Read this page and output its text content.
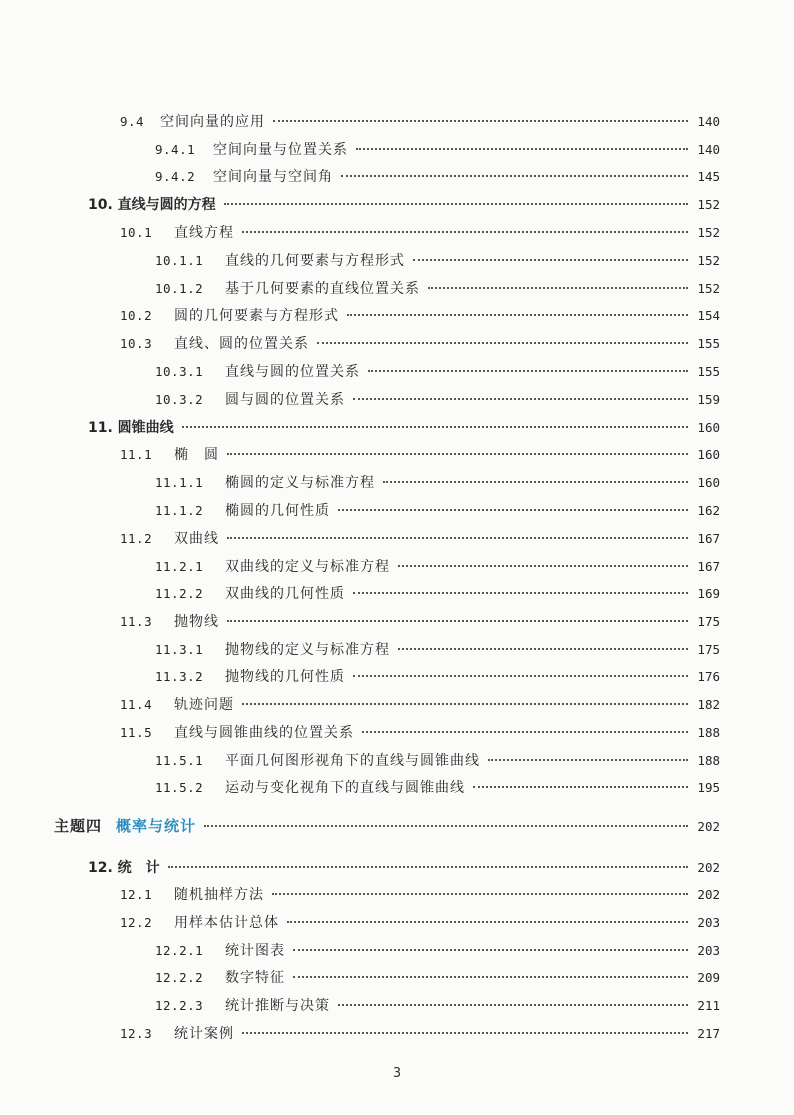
9.4	空间向量的应用	140
9.4.1	空间向量与位置关系	140
9.4.2	空间向量与空间角	145
10. 直线与圆的方程	152
10.1	直线方程	152
10.1.1	直线的几何要素与方程形式	152
10.1.2	基于几何要素的直线位置关系	152
10.2	圆的几何要素与方程形式	154
10.3	直线、圆的位置关系	155
10.3.1	直线与圆的位置关系	155
10.3.2	圆与圆的位置关系	159
11. 圆锥曲线	160
11.1	椭　圆	160
11.1.1	椭圆的定义与标准方程	160
11.1.2	椭圆的几何性质	162
11.2	双曲线	167
11.2.1	双曲线的定义与标准方程	167
11.2.2	双曲线的几何性质	169
11.3	抛物线	175
11.3.1	抛物线的定义与标准方程	175
11.3.2	抛物线的几何性质	176
11.4	轨迹问题	182
11.5	直线与圆锥曲线的位置关系	188
11.5.1	平面几何图形视角下的直线与圆锥曲线	188
11.5.2	运动与变化视角下的直线与圆锥曲线	195
主题四 概率与统计	202
12. 统　计	202
12.1	随机抽样方法	202
12.2	用样本估计总体	203
12.2.1	统计图表	203
12.2.2	数字特征	209
12.2.3	统计推断与决策	211
12.3	统计案例	217
3
